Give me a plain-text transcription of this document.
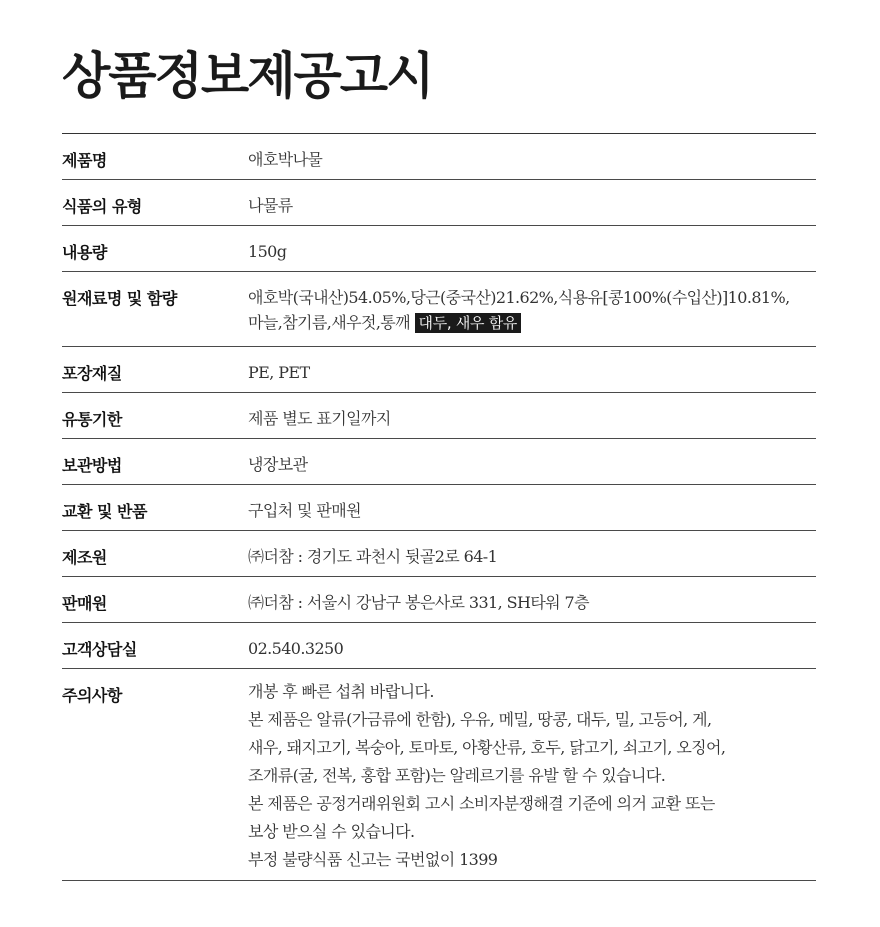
상품정보제공고시
제품명	애호박나물
식품의 유형	나물류
내용량	150g
원재료명 및 함량	애호박(국내산)54.05%,당근(중국산)21.62%,식용유[콩100%(수입산)]10.81%,
마늘,참기름,새우젓,통깨 대두, 새우 함유
포장재질	PE, PET
유통기한	제품 별도 표기일까지
보관방법	냉장보관
교환 및 반품	구입처 및 판매원
제조원	㈜더참 : 경기도 과천시 뒷골2로 64-1
판매원	㈜더참 : 서울시 강남구 봉은사로 331, SH타워 7층
고객상담실	02.540.3250
주의사항	개봉 후 빠른 섭취 바랍니다.
본 제품은 알류(가금류에 한함), 우유, 메밀, 땅콩, 대두, 밀, 고등어, 게,
새우, 돼지고기, 복숭아, 토마토, 아황산류, 호두, 닭고기, 쇠고기, 오징어,
조개류(굴, 전복, 홍합 포함)는 알레르기를 유발 할 수 있습니다.
본 제품은 공정거래위원회 고시 소비자분쟁해결 기준에 의거 교환 또는
보상 받으실 수 있습니다.
부정 불량식품 신고는 국번없이 1399
